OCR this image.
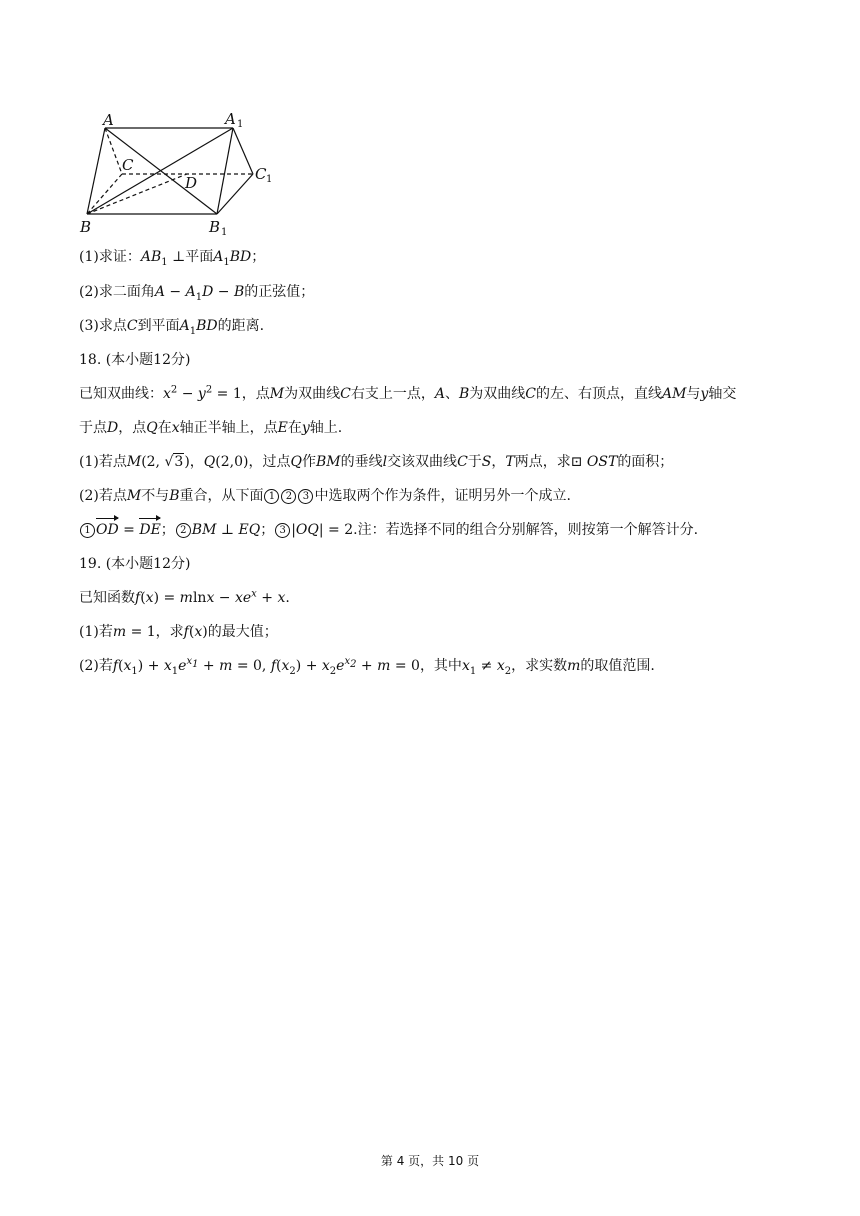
A	A 1
C
D	C 1
B	B 1
(1)求证：$AB_1$ ⊥平面$A_1BD$；
(2)求二面角$A - A_1D - B$的正弦值；
(3)求点C到平面$A_1BD$的距离.
18. (本小题12分)
已知双曲线：$x^2 - y^2 = 1$，点M为双曲线C右支上一点，A、B为双曲线C的左、右顶点，直线AM与y轴交
于点D，点Q在x轴正半轴上，点E在y轴上.
(1)若点M(2, √3)，Q(2,0)，过点Q作BM的垂线l交该双曲线C于S，T两点，求⊡ OST的面积；
(2)若点M不与B重合，从下面 1 2 3 中选取两个作为条件，证明另外一个成立.
1 OD = DE； 2 BM ⊥ EQ； 3 |OQ| = 2.注：若选择不同的组合分别解答，则按第一个解答计分.
19. (本小题12分)
已知函数$f(x) = mlnx - xe^x + x$.
(1)若m = 1，求f(x)的最大值；
(2)若$f(x_1) + x_1e^{x_1} + m = 0$, $f(x_2) + x_2e^{x_2} + m = 0$，其中$x_1 \ne x_2$，求实数m的取值范围.
第 4 页，共 10 页
